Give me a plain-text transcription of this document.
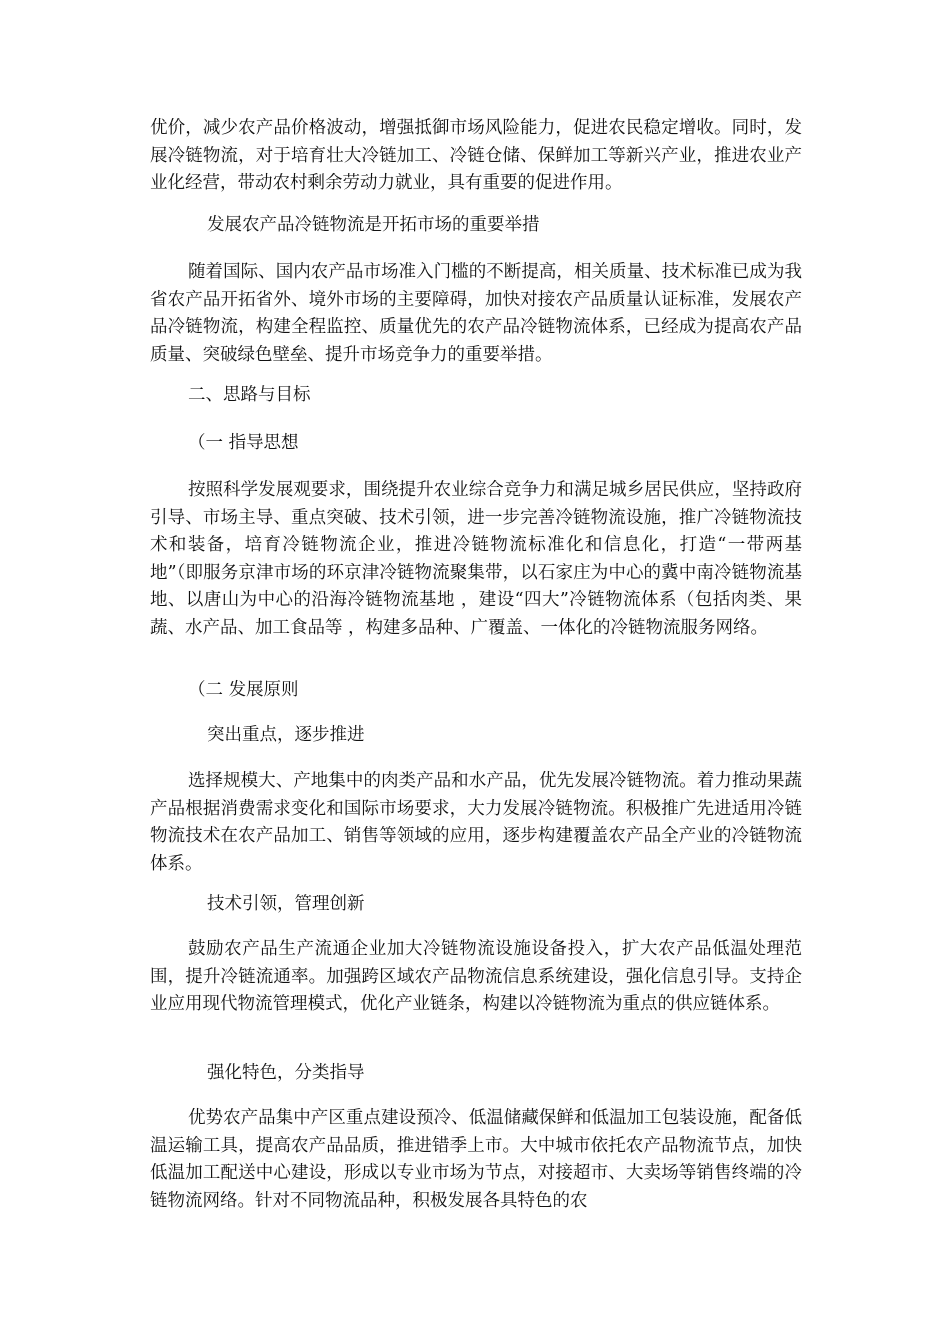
优价，减少农产品价格波动，增强抵御市场风险能力，促进农民稳定增收。同时，发展冷链物流，对于培育壮大冷链加工、冷链仓储、保鲜加工等新兴产业，推进农业产业化经营，带动农村剩余劳动力就业，具有重要的促进作用。

发展农产品冷链物流是开拓市场的重要举措

随着国际、国内农产品市场准入门槛的不断提高，相关质量、技术标准已成为我省农产品开拓省外、境外市场的主要障碍，加快对接农产品质量认证标准，发展农产品冷链物流，构建全程监控、质量优先的农产品冷链物流体系，已经成为提高农产品质量、突破绿色壁垒、提升市场竞争力的重要举措。

二、思路与目标

（一 指导思想

按照科学发展观要求，围绕提升农业综合竞争力和满足城乡居民供应，坚持政府引导、市场主导、重点突破、技术引领，进一步完善冷链物流设施，推广冷链物流技术和装备，培育冷链物流企业，推进冷链物流标准化和信息化，打造“一带两基地”（即服务京津市场的环京津冷链物流聚集带，以石家庄为中心的冀中南冷链物流基地、以唐山为中心的沿海冷链物流基地 ，建设“四大”冷链物流体系（包括肉类、果蔬、水产品、加工食品等 ，构建多品种、广覆盖、一体化的冷链物流服务网络。

（二 发展原则

突出重点，逐步推进

选择规模大、产地集中的肉类产品和水产品，优先发展冷链物流。着力推动果蔬产品根据消费需求变化和国际市场要求，大力发展冷链物流。积极推广先进适用冷链物流技术在农产品加工、销售等领域的应用，逐步构建覆盖农产品全产业的冷链物流体系。

技术引领，管理创新

鼓励农产品生产流通企业加大冷链物流设施设备投入，扩大农产品低温处理范围，提升冷链流通率。加强跨区域农产品物流信息系统建设，强化信息引导。支持企业应用现代物流管理模式，优化产业链条，构建以冷链物流为重点的供应链体系。

强化特色，分类指导

优势农产品集中产区重点建设预冷、低温储藏保鲜和低温加工包装设施，配备低温运输工具，提高农产品品质，推进错季上市。大中城市依托农产品物流节点，加快低温加工配送中心建设，形成以专业市场为节点，对接超市、大卖场等销售终端的冷链物流网络。针对不同物流品种，积极发展各具特色的农
